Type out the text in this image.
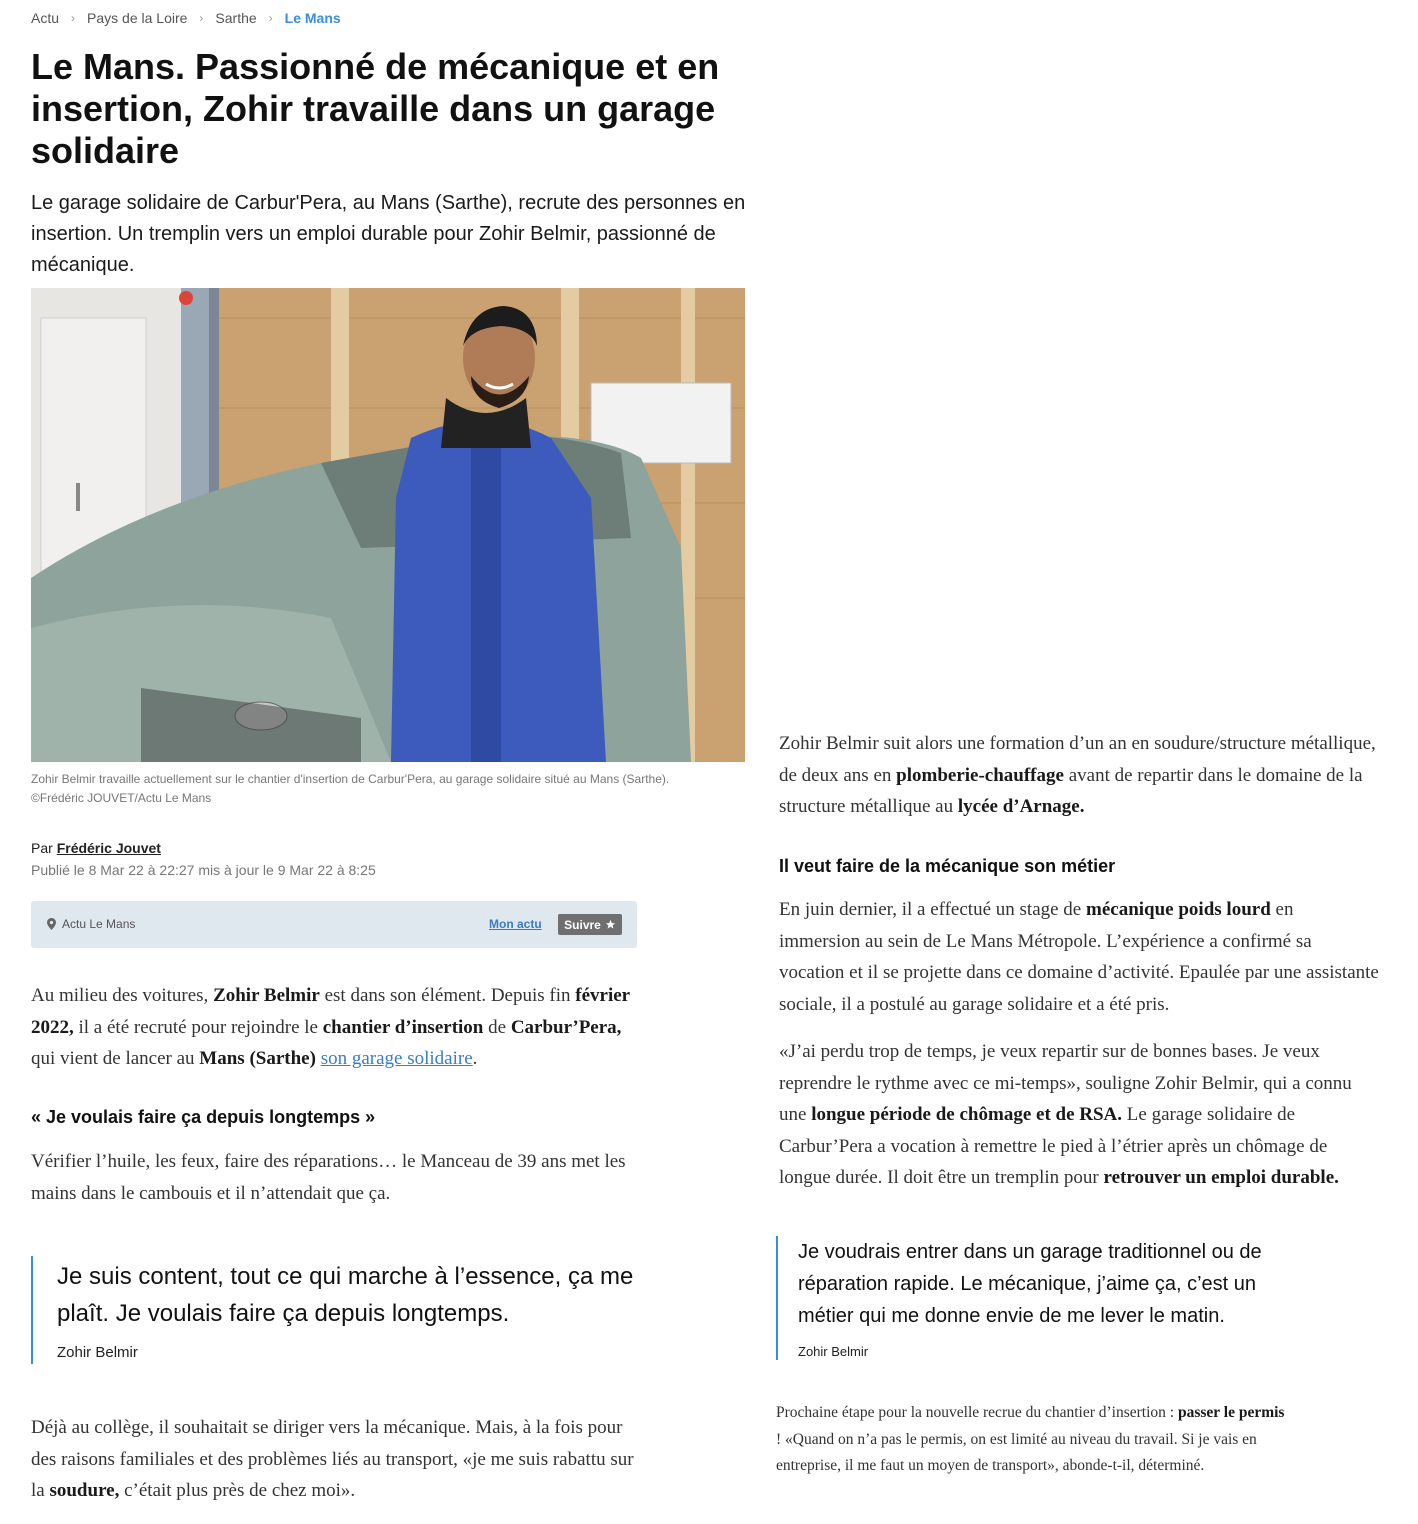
Actu › Pays de la Loire › Sarthe › Le Mans
Le Mans. Passionné de mécanique et en insertion, Zohir travaille dans un garage solidaire

Le garage solidaire de Carbur'Pera, au Mans (Sarthe), recrute des personnes en insertion. Un tremplin vers un emploi durable pour Zohir Belmir, passionné de mécanique.

Zohir Belmir travaille actuellement sur le chantier d'insertion de Carbur'Pera, au garage solidaire situé au Mans (Sarthe).
©Frédéric JOUVET/Actu Le Mans
Par Frédéric Jouvet
Publié le 8 Mar 22 à 22:27 mis à jour le 9 Mar 22 à 8:25
Actu Le Mans	Mon actu Suivre

Au milieu des voitures, Zohir Belmir est dans son élément. Depuis fin février 2022, il a été recruté pour rejoindre le chantier d’insertion de Carbur’Pera, qui vient de lancer au Mans (Sarthe) son garage solidaire.

« Je voulais faire ça depuis longtemps »

Vérifier l’huile, les feux, faire des réparations… le Manceau de 39 ans met les mains dans le cambouis et il n’attendait que ça.

Je suis content, tout ce qui marche à l’essence, ça me plaît. Je voulais faire ça depuis longtemps.
Zohir Belmir

Déjà au collège, il souhaitait se diriger vers la mécanique. Mais, à la fois pour des raisons familiales et des problèmes liés au transport, «je me suis rabattu sur la soudure, c’était plus près de chez moi».

Zohir Belmir suit alors une formation d’un an en soudure/structure métallique, de deux ans en plomberie-chauffage avant de repartir dans le domaine de la structure métallique au lycée d’Arnage.

Il veut faire de la mécanique son métier

En juin dernier, il a effectué un stage de mécanique poids lourd en immersion au sein de Le Mans Métropole. L’expérience a confirmé sa vocation et il se projette dans ce domaine d’activité. Epaulée par une assistante sociale, il a postulé au garage solidaire et a été pris.

«J’ai perdu trop de temps, je veux repartir sur de bonnes bases. Je veux reprendre le rythme avec ce mi-temps», souligne Zohir Belmir, qui a connu une longue période de chômage et de RSA. Le garage solidaire de Carbur’Pera a vocation à remettre le pied à l’étrier après un chômage de longue durée. Il doit être un tremplin pour retrouver un emploi durable.

Je voudrais entrer dans un garage traditionnel ou de réparation rapide. Le mécanique, j’aime ça, c’est un métier qui me donne envie de me lever le matin.
Zohir Belmir

Prochaine étape pour la nouvelle recrue du chantier d’insertion : passer le permis ! «Quand on n’a pas le permis, on est limité au niveau du travail. Si je vais en entreprise, il me faut un moyen de transport», abonde-t-il, déterminé.
